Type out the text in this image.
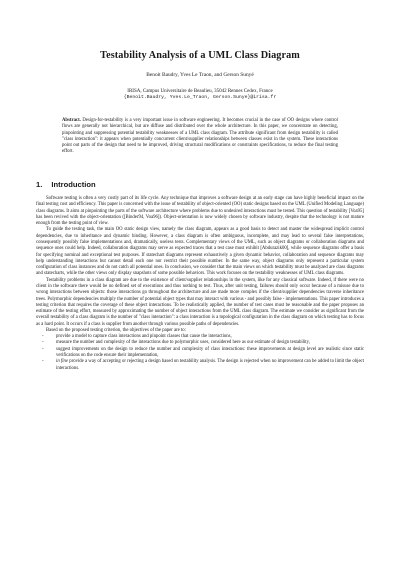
Testability Analysis of a UML Class Diagram
Benoit Baudry, Yves Le Traon, and Gerson Sunyé
IRISA, Campus Universitaire de Beaulieu, 35042 Rennes Cedex, France
{Benoit.Baudry, Yves.Le_Traon, Gerson.Sunye}@irisa.fr
Abstract. Design-for-testability is a very important issue in software engineering. It becomes crucial in the case of OO designs where control flows are generally not hierarchical, but are diffuse and distributed over the whole architecture. In this paper, we concentrate on detecting, pinpointing and suppressing potential testability weaknesses of a UML class diagram. The attribute significant from design testability is called "class interaction": it appears when potentially concurrent client/supplier relationships between classes exist in the system. These interactions point out parts of the design that need to be improved, driving structural modifications or constraints specifications, to reduce the final testing effort.
1. Introduction

Software testing is often a very costly part of its life cycle. Any technique that improves a software design at an early stage can have highly beneficial impact on the final testing cost and efficiency. This paper is concerned with the issue of testability of object-oriented (OO) static designs based on the UML (Unified Modeling Language) class diagrams. It aims at pinpointing the parts of the software architecture where problems due to undesired interactions must be tested. This question of testability [Voa95] has been revived with the object-orientation ([Binder94, Voa96]). Object-orientation is now widely chosen by software industry, despite that the technology is not mature enough from the testing point of view.

To guide the testing task, the main OO static design view, namely the class diagram, appears as a good basis to detect and master the widespread implicit control dependencies, due to inheritance and dynamic binding. However, a class diagram is often ambiguous, incomplete, and may lead to several false interpretations, consequently possibly false implementations and, dramatically, useless tests. Complementary views of the UML, such as object diagrams or collaboration diagrams and sequence ones could help. Indeed, collaboration diagrams may serve as expected traces that a test case must exhibit [Abdurazik00], while sequence diagrams offer a basis for specifying nominal and exceptional test purposes. If statechart diagrams represent exhaustively a given dynamic behavior, collaboration and sequence diagrams may help understanding interactions but cannot detail each one nor restrict their possible number. In the same way, object diagrams only represent a particular system configuration of class instances and do not catch all potential ones. In conclusion, we consider that the main views on which testability must be analyzed are class diagrams and statecharts, while the other views only display snapshots of some possible behaviors. This work focuses on the testability weaknesses of UML class diagrams.

Testability problems in a class diagram are due to the existence of client/supplier relationships in the system, like for any classical software. Indeed, if there were no client in the software there would be no defined set of executions and thus nothing to test. Thus, after unit testing, failures should only occur because of a misuse due to wrong interactions between objects: those interactions go throughout the architecture and are made more complex if the client/supplier dependencies traverse inheritance trees. Polymorphic dependencies multiply the number of potential object types that may interact with various - and possibly false - implementations. This paper introduces a testing criterion that requires the coverage of these object interactions. To be realistically applied, the number of test cases must be reasonable and the paper proposes an estimate of the testing effort, measured by approximating the number of object interactions from the UML class diagram. The estimate we consider as significant from the overall testability of a class diagram is the number of "class interaction": a class interaction is a topological configuration in the class diagram on which testing has to focus as a hard point. It occurs if a class is supplier from another through various possible paths of dependencies.

Based on the proposed testing criterion, the objectives of the paper are to:

- provide a model to capture class interactions and pinpoint classes that cause the interactions,
- measure the number and complexity of the interactions due to polymorphic uses, considered here as our estimate of design testability,
- suggest improvements on the design to reduce the number and complexity of class interactions: these improvements at design level are realistic since static verifications on the code ensure their implementation,
- in fine provide a way of accepting or rejecting a design based on testability analysis. The design is rejected when no improvement can be added to limit the object interactions.
